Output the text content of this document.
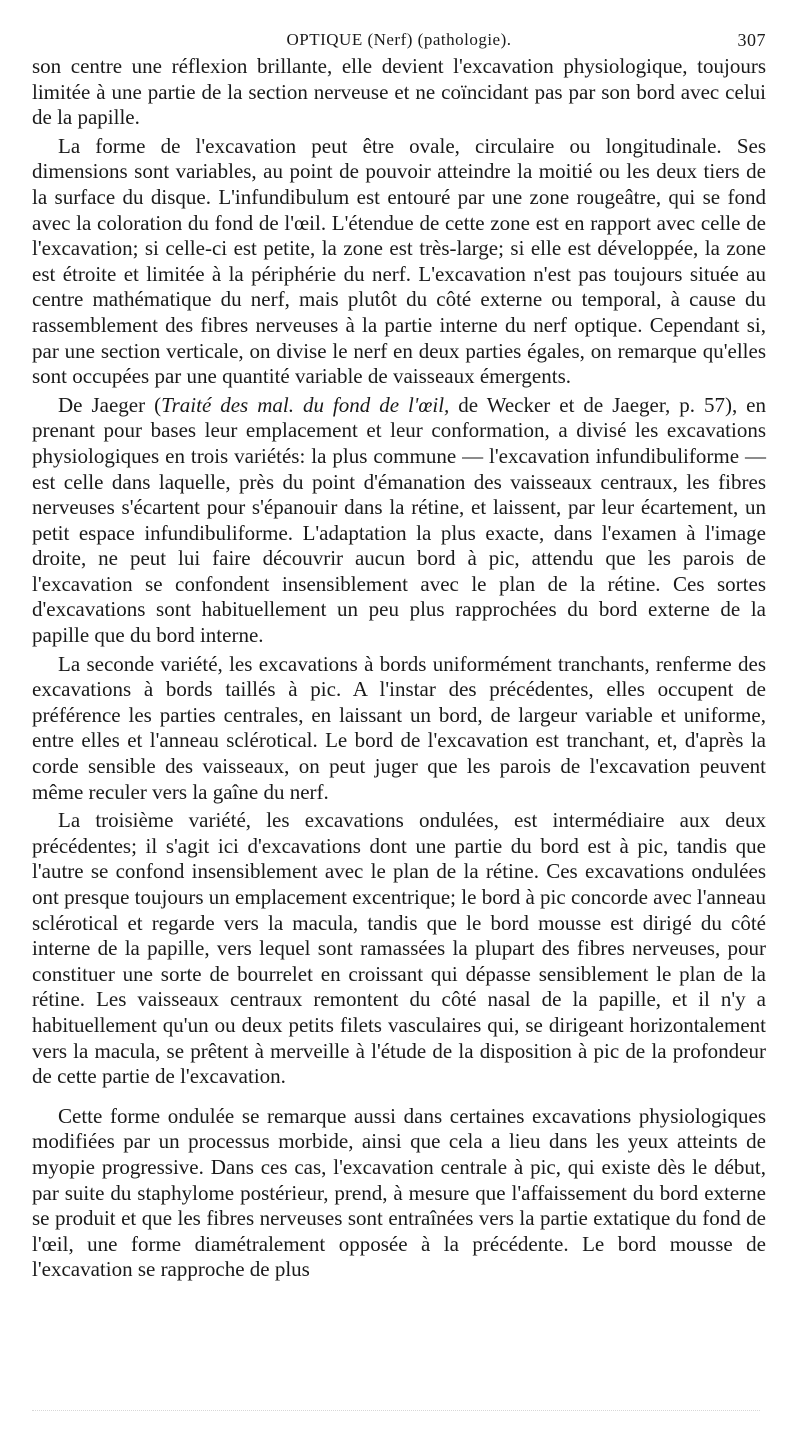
OPTIQUE (Nerf) (pathologie).	307

son centre une réflexion brillante, elle devient l'excavation physiologique, toujours limitée à une partie de la section nerveuse et ne coïncidant pas par son bord avec celui de la papille.

La forme de l'excavation peut être ovale, circulaire ou longitudinale. Ses dimensions sont variables, au point de pouvoir atteindre la moitié ou les deux tiers de la surface du disque. L'infundibulum est entouré par une zone rougeâtre, qui se fond avec la coloration du fond de l'œil. L'étendue de cette zone est en rapport avec celle de l'excavation; si celle-ci est petite, la zone est très-large; si elle est développée, la zone est étroite et limitée à la périphérie du nerf. L'excavation n'est pas toujours située au centre mathématique du nerf, mais plutôt du côté externe ou temporal, à cause du rassemblement des fibres nerveuses à la partie interne du nerf optique. Cependant si, par une section verticale, on divise le nerf en deux parties égales, on remarque qu'elles sont occupées par une quantité variable de vaisseaux émergents.

De Jaeger (Traité des mal. du fond de l'œil, de Wecker et de Jaeger, p. 57), en prenant pour bases leur emplacement et leur conformation, a divisé les excavations physiologiques en trois variétés: la plus commune — l'excavation infundibuliforme — est celle dans laquelle, près du point d'émanation des vaisseaux centraux, les fibres nerveuses s'écartent pour s'épanouir dans la rétine, et laissent, par leur écartement, un petit espace infundibuliforme. L'adaptation la plus exacte, dans l'examen à l'image droite, ne peut lui faire découvrir aucun bord à pic, attendu que les parois de l'excavation se confondent insensiblement avec le plan de la rétine. Ces sortes d'excavations sont habituellement un peu plus rapprochées du bord externe de la papille que du bord interne.

La seconde variété, les excavations à bords uniformément tranchants, renferme des excavations à bords taillés à pic. A l'instar des précédentes, elles occupent de préférence les parties centrales, en laissant un bord, de largeur variable et uniforme, entre elles et l'anneau sclérotical. Le bord de l'excavation est tranchant, et, d'après la corde sensible des vaisseaux, on peut juger que les parois de l'excavation peuvent même reculer vers la gaîne du nerf.

La troisième variété, les excavations ondulées, est intermédiaire aux deux précédentes; il s'agit ici d'excavations dont une partie du bord est à pic, tandis que l'autre se confond insensiblement avec le plan de la rétine. Ces excavations ondulées ont presque toujours un emplacement excentrique; le bord à pic concorde avec l'anneau sclérotical et regarde vers la macula, tandis que le bord mousse est dirigé du côté interne de la papille, vers lequel sont ramassées la plupart des fibres nerveuses, pour constituer une sorte de bourrelet en croissant qui dépasse sensiblement le plan de la rétine. Les vaisseaux centraux remontent du côté nasal de la papille, et il n'y a habituellement qu'un ou deux petits filets vasculaires qui, se dirigeant horizontalement vers la macula, se prêtent à merveille à l'étude de la disposition à pic de la profondeur de cette partie de l'excavation.

Cette forme ondulée se remarque aussi dans certaines excavations physiologiques modifiées par un processus morbide, ainsi que cela a lieu dans les yeux atteints de myopie progressive. Dans ces cas, l'excavation centrale à pic, qui existe dès le début, par suite du staphylome postérieur, prend, à mesure que l'affaissement du bord externe se produit et que les fibres nerveuses sont entraînées vers la partie extatique du fond de l'œil, une forme diamétralement opposée à la précédente. Le bord mousse de l'excavation se rapproche de plus
